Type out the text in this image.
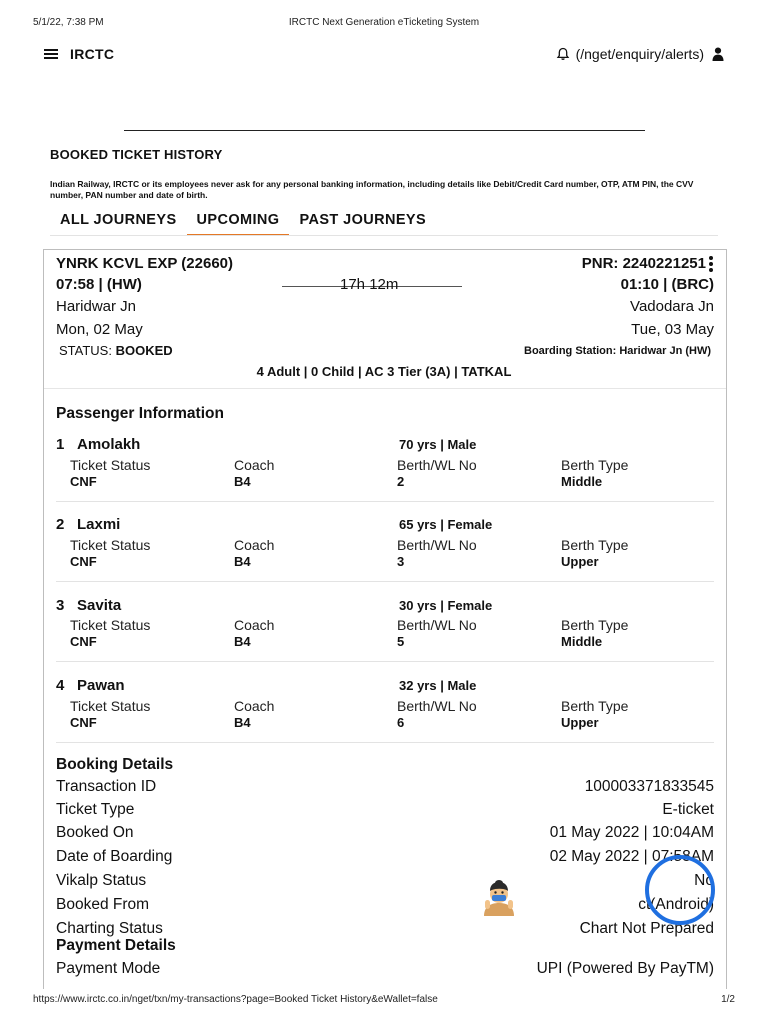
5/1/22, 7:38 PM	IRCTC Next Generation eTicketing System
IRCTC	(/nget/enquiry/alerts)
BOOKED TICKET HISTORY
Indian Railway, IRCTC or its employees never ask for any personal banking information, including details like Debit/Credit Card number, OTP, ATM PIN, the CVV number, PAN number and date of birth.
ALL JOURNEYS	UPCOMING	PAST JOURNEYS
YNRK KCVL EXP (22660)	PNR: 2240221251
07:58 | (HW)	17h 12m	01:10 | (BRC)
Haridwar Jn	Vadodara Jn
Mon, 02 May	Tue, 03 May
STATUS: BOOKED	Boarding Station: Haridwar Jn (HW)
4 Adult | 0 Child | AC 3 Tier (3A) | TATKAL
Passenger Information
1 Amolakh	70 yrs | Male
Ticket Status	Coach	Berth/WL No	Berth Type
CNF	B4	2	Middle
2 Laxmi	65 yrs | Female
Ticket Status	Coach	Berth/WL No	Berth Type
CNF	B4	3	Upper
3 Savita	30 yrs | Female
Ticket Status	Coach	Berth/WL No	Berth Type
CNF	B4	5	Middle
4 Pawan	32 yrs | Male
Ticket Status	Coach	Berth/WL No	Berth Type
CNF	B4	6	Upper
Booking Details
Transaction ID	100003371833545
Ticket Type	E-ticket
Booked On	01 May 2022 | 10:04AM
Date of Boarding	02 May 2022 | 07:58AM
Vikalp Status	No
Booked From	ct(Android)
Charting Status	Chart Not Prepared
Payment Details
Payment Mode	UPI (Powered By PayTM)
https://www.irctc.co.in/nget/txn/my-transactions?page=Booked Ticket History&eWallet=false	1/2
